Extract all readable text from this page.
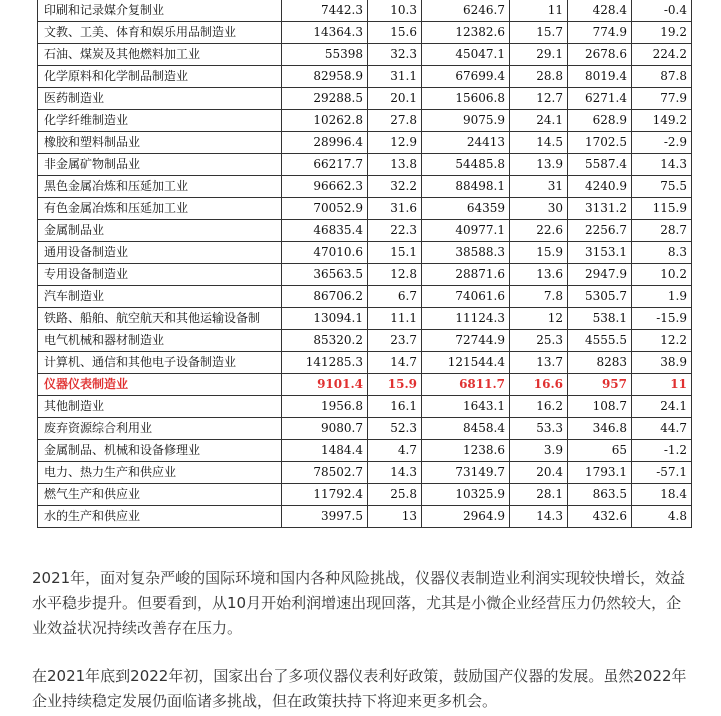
印刷和记录媒介复制业	7442.3	10.3	6246.7	11	428.4	-0.4
文教、工美、体育和娱乐用品制造业	14364.3	15.6	12382.6	15.7	774.9	19.2
石油、煤炭及其他燃料加工业	55398	32.3	45047.1	29.1	2678.6	224.2
化学原料和化学制品制造业	82958.9	31.1	67699.4	28.8	8019.4	87.8
医药制造业	29288.5	20.1	15606.8	12.7	6271.4	77.9
化学纤维制造业	10262.8	27.8	9075.9	24.1	628.9	149.2
橡胶和塑料制品业	28996.4	12.9	24413	14.5	1702.5	-2.9
非金属矿物制品业	66217.7	13.8	54485.8	13.9	5587.4	14.3
黑色金属冶炼和压延加工业	96662.3	32.2	88498.1	31	4240.9	75.5
有色金属冶炼和压延加工业	70052.9	31.6	64359	30	3131.2	115.9
金属制品业	46835.4	22.3	40977.1	22.6	2256.7	28.7
通用设备制造业	47010.6	15.1	38588.3	15.9	3153.1	8.3
专用设备制造业	36563.5	12.8	28871.6	13.6	2947.9	10.2
汽车制造业	86706.2	6.7	74061.6	7.8	5305.7	1.9
铁路、船舶、航空航天和其他运输设备制	13094.1	11.1	11124.3	12	538.1	-15.9
电气机械和器材制造业	85320.2	23.7	72744.9	25.3	4555.5	12.2
计算机、通信和其他电子设备制造业	141285.3	14.7	121544.4	13.7	8283	38.9
仪器仪表制造业	9101.4	15.9	6811.7	16.6	957	11
其他制造业	1956.8	16.1	1643.1	16.2	108.7	24.1
废弃资源综合利用业	9080.7	52.3	8458.4	53.3	346.8	44.7
金属制品、机械和设备修理业	1484.4	4.7	1238.6	3.9	65	-1.2
电力、热力生产和供应业	78502.7	14.3	73149.7	20.4	1793.1	-57.1
燃气生产和供应业	11792.4	25.8	10325.9	28.1	863.5	18.4
水的生产和供应业	3997.5	13	2964.9	14.3	432.6	4.8

2021年，面对复杂严峻的国际环境和国内各种风险挑战，仪器仪表制造业利润实现较快增长，效益水平稳步提升。但要看到，从10月开始利润增速出现回落，尤其是小微企业经营压力仍然较大，企业效益状况持续改善存在压力。

在2021年底到2022年初，国家出台了多项仪器仪表利好政策，鼓励国产仪器的发展。虽然2022年企业持续稳定发展仍面临诸多挑战，但在政策扶持下将迎来更多机会。
